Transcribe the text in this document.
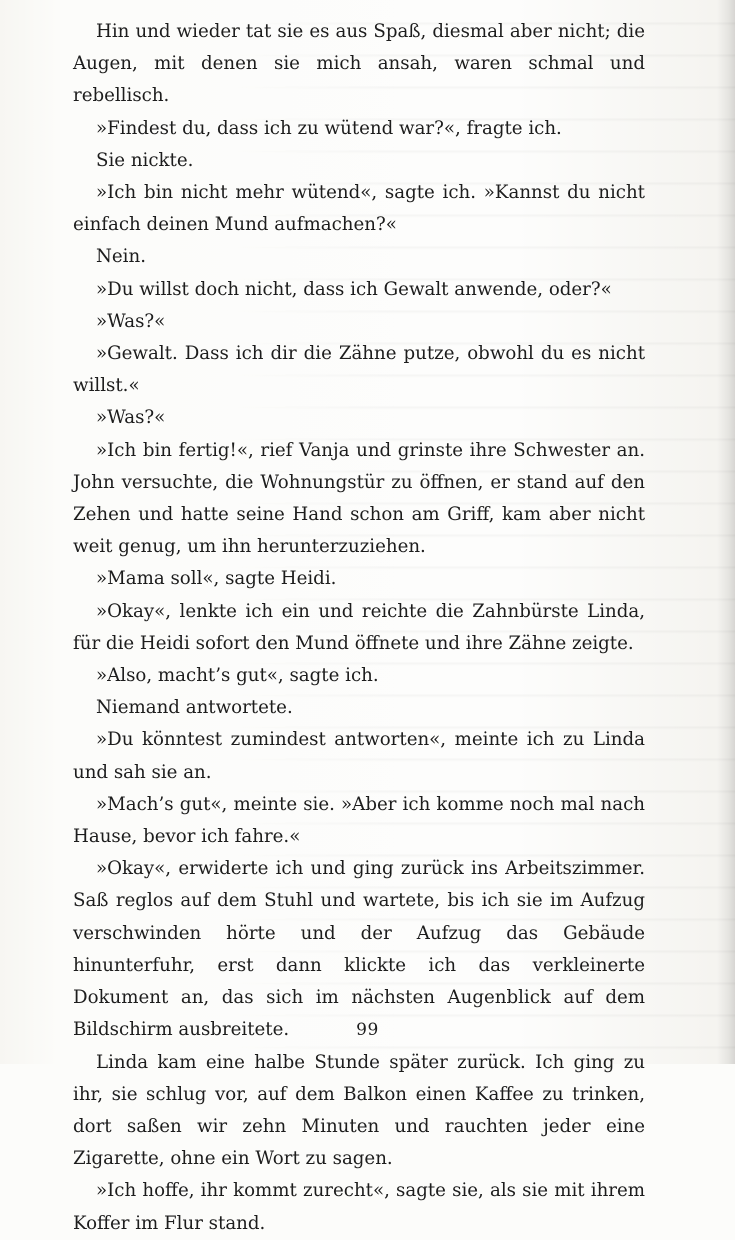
Hin und wieder tat sie es aus Spaß, diesmal aber nicht; die Augen, mit denen sie mich ansah, waren schmal und rebellisch.

»Findest du, dass ich zu wütend war?«, fragte ich.

Sie nickte.

»Ich bin nicht mehr wütend«, sagte ich. »Kannst du nicht einfach deinen Mund aufmachen?«

Nein.

»Du willst doch nicht, dass ich Gewalt anwende, oder?«

»Was?«

»Gewalt. Dass ich dir die Zähne putze, obwohl du es nicht willst.«

»Was?«

»Ich bin fertig!«, rief Vanja und grinste ihre Schwester an. John versuchte, die Wohnungstür zu öffnen, er stand auf den Zehen und hatte seine Hand schon am Griff, kam aber nicht weit genug, um ihn herunterzuziehen.

»Mama soll«, sagte Heidi.

»Okay«, lenkte ich ein und reichte die Zahnbürste Linda, für die Heidi sofort den Mund öffnete und ihre Zähne zeigte.

»Also, macht’s gut«, sagte ich.

Niemand antwortete.

»Du könntest zumindest antworten«, meinte ich zu Linda und sah sie an.

»Mach’s gut«, meinte sie. »Aber ich komme noch mal nach Hause, bevor ich fahre.«

»Okay«, erwiderte ich und ging zurück ins Arbeitszimmer. Saß reglos auf dem Stuhl und wartete, bis ich sie im Aufzug verschwinden hörte und der Aufzug das Gebäude hinunterfuhr, erst dann klickte ich das verkleinerte Dokument an, das sich im nächsten Augenblick auf dem Bildschirm ausbreitete.

Linda kam eine halbe Stunde später zurück. Ich ging zu ihr, sie schlug vor, auf dem Balkon einen Kaffee zu trinken, dort saßen wir zehn Minuten und rauchten jeder eine Zigarette, ohne ein Wort zu sagen.

»Ich hoffe, ihr kommt zurecht«, sagte sie, als sie mit ihrem Koffer im Flur stand.

99
